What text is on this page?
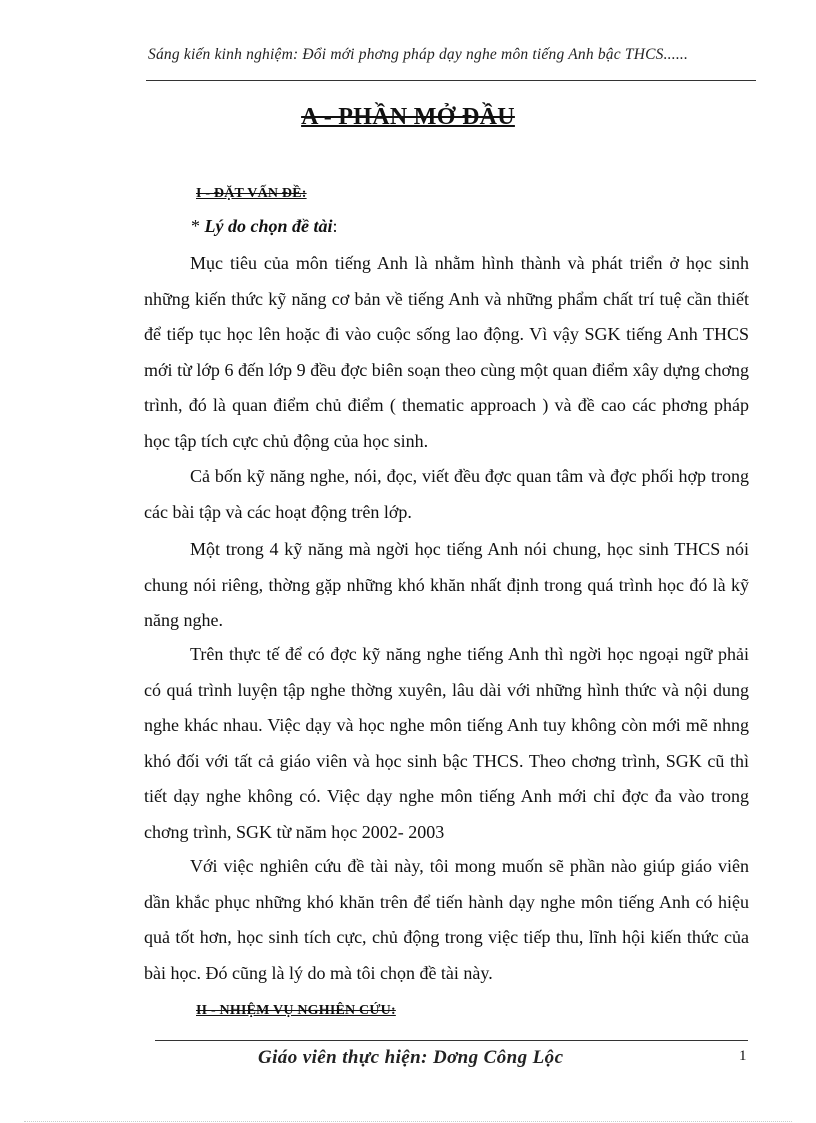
Sáng kiến kinh nghiệm: Đổi mới phơng pháp dạy nghe môn tiếng Anh bậc THCS......
A - PHẦN MỞ ĐẦU
I - ĐẶT VẤN ĐỀ:
* Lý do chọn đề tài:

Mục tiêu của môn tiếng Anh là nhằm hình thành và phát triển ở học sinh những kiến thức kỹ năng cơ bản về tiếng Anh và những phẩm chất trí tuệ cần thiết để tiếp tục học lên hoặc đi vào cuộc sống lao động. Vì vậy SGK tiếng Anh THCS mới từ lớp 6 đến lớp 9 đều đợc biên soạn theo cùng một quan điểm xây dựng chơng trình, đó là quan điểm chủ điểm ( thematic approach ) và đề cao các phơng pháp học tập tích cực chủ động của học sinh.

Cả bốn kỹ năng nghe, nói, đọc, viết đều đợc quan tâm và đợc phối hợp trong các bài tập và các hoạt động trên lớp.

Một trong 4 kỹ năng mà ngời học tiếng Anh nói chung, học sinh THCS nói chung nói riêng, thờng gặp những khó khăn nhất định trong quá trình học đó là kỹ năng nghe.

Trên thực tế để có đợc kỹ năng nghe tiếng Anh thì ngời học ngoại ngữ phải có quá trình luyện tập nghe thờng xuyên, lâu dài với những hình thức và nội dung nghe khác nhau. Việc dạy và học nghe môn tiếng Anh tuy không còn mới mẽ nhng khó đối với tất cả giáo viên và học sinh bậc THCS. Theo chơng trình, SGK cũ thì tiết dạy nghe không có. Việc dạy nghe môn tiếng Anh mới chỉ đợc đa vào trong chơng trình, SGK từ năm học 2002- 2003

Với việc nghiên cứu đề tài này, tôi mong muốn sẽ phần nào giúp giáo viên dần khắc phục những khó khăn trên để tiến hành dạy nghe môn tiếng Anh có hiệu quả tốt hơn, học sinh tích cực, chủ động trong việc tiếp thu, lĩnh hội kiến thức của bài học. Đó cũng là lý do mà tôi chọn đề tài này.

II - NHIỆM VỤ NGHIÊN CỨU:
Giáo viên thực hiện: Dơng Công Lộc	1
